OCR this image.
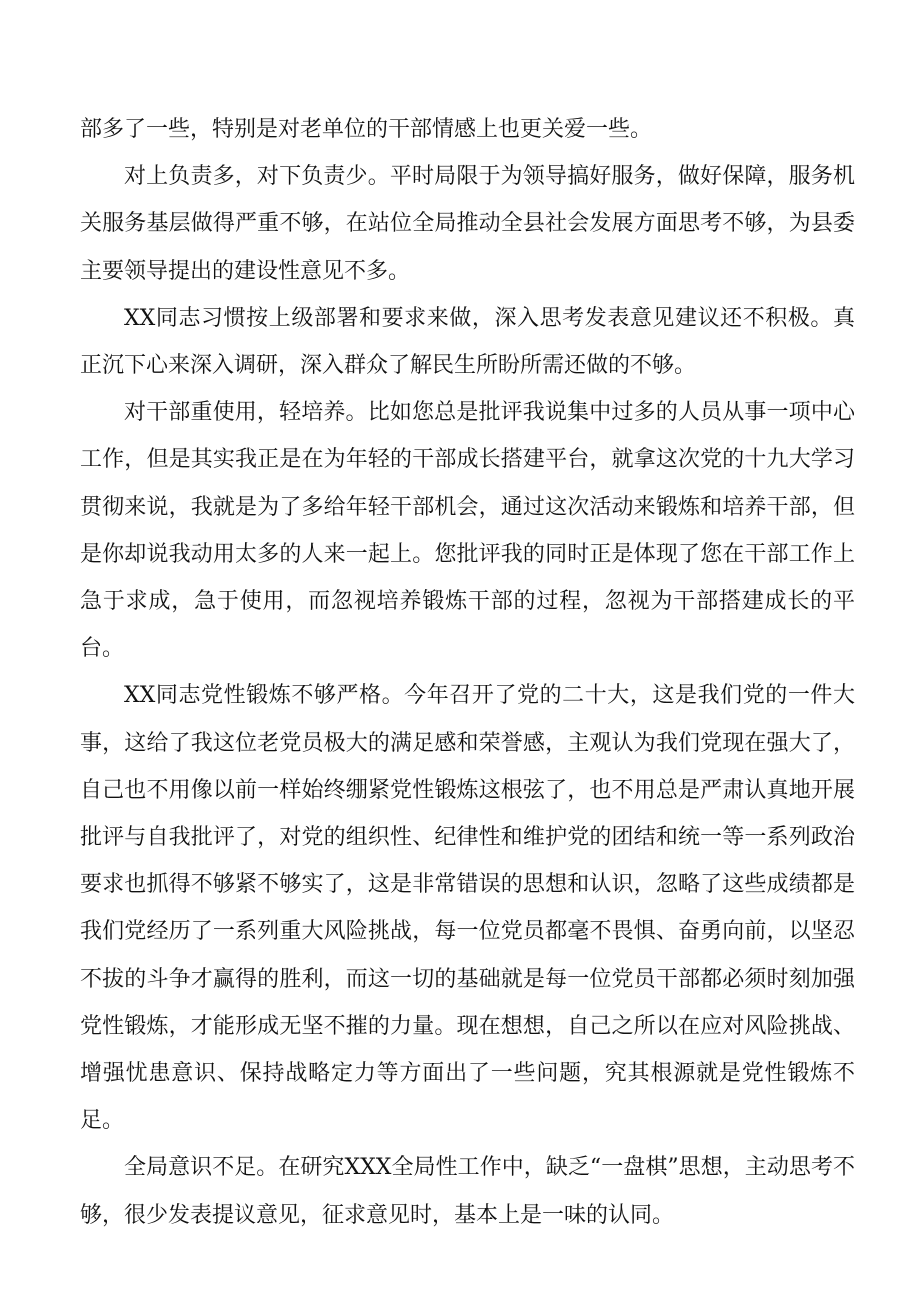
部多了一些，特别是对老单位的干部情感上也更关爱一些。

对上负责多，对下负责少。平时局限于为领导搞好服务，做好保障，服务机关服务基层做得严重不够，在站位全局推动全县社会发展方面思考不够，为县委主要领导提出的建设性意见不多。

XX同志习惯按上级部署和要求来做，深入思考发表意见建议还不积极。真正沉下心来深入调研，深入群众了解民生所盼所需还做的不够。

对干部重使用，轻培养。比如您总是批评我说集中过多的人员从事一项中心工作，但是其实我正是在为年轻的干部成长搭建平台，就拿这次党的十九大学习贯彻来说，我就是为了多给年轻干部机会，通过这次活动来锻炼和培养干部，但是你却说我动用太多的人来一起上。您批评我的同时正是体现了您在干部工作上急于求成，急于使用，而忽视培养锻炼干部的过程，忽视为干部搭建成长的平台。

XX同志党性锻炼不够严格。今年召开了党的二十大，这是我们党的一件大事，这给了我这位老党员极大的满足感和荣誉感，主观认为我们党现在强大了，自己也不用像以前一样始终绷紧党性锻炼这根弦了，也不用总是严肃认真地开展批评与自我批评了，对党的组织性、纪律性和维护党的团结和统一等一系列政治要求也抓得不够紧不够实了，这是非常错误的思想和认识，忽略了这些成绩都是我们党经历了一系列重大风险挑战，每一位党员都毫不畏惧、奋勇向前，以坚忍不拔的斗争才赢得的胜利，而这一切的基础就是每一位党员干部都必须时刻加强党性锻炼，才能形成无坚不摧的力量。现在想想，自己之所以在应对风险挑战、增强忧患意识、保持战略定力等方面出了一些问题，究其根源就是党性锻炼不足。

全局意识不足。在研究XXX全局性工作中，缺乏“一盘棋”思想，主动思考不够，很少发表提议意见，征求意见时，基本上是一味的认同。
